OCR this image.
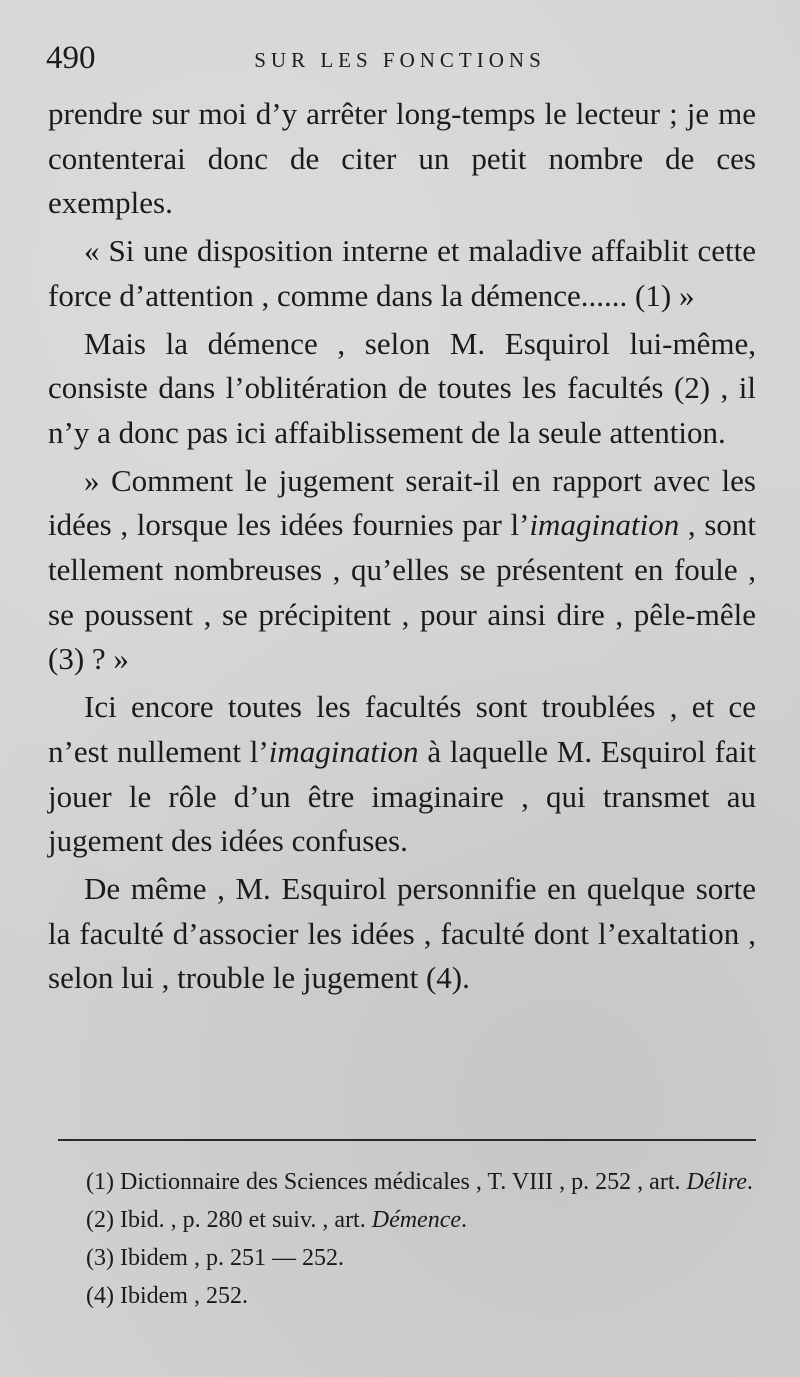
490	SUR LES FONCTIONS

prendre sur moi d’y arrêter long-temps le lecteur ; je me contenterai donc de citer un petit nombre de ces exemples.

« Si une disposition interne et maladive affaiblit cette force d’attention , comme dans la démence...... (1) »

Mais la démence , selon M. Esquirol lui-même, consiste dans l’oblitération de toutes les facultés (2) , il n’y a donc pas ici affaiblissement de la seule attention.

» Comment le jugement serait-il en rapport avec les idées , lorsque les idées fournies par l’imagination , sont tellement nombreuses , qu’elles se présentent en foule , se poussent , se précipitent , pour ainsi dire , pêle-mêle (3) ? »

Ici encore toutes les facultés sont troublées , et ce n’est nullement l’imagination à laquelle M. Esquirol fait jouer le rôle d’un être imaginaire , qui transmet au jugement des idées confuses.

De même , M. Esquirol personnifie en quelque sorte la faculté d’associer les idées , faculté dont l’exaltation , selon lui , trouble le jugement (4).

(1) Dictionnaire des Sciences médicales , T. VIII , p. 252 , art. Délire.

(2) Ibid. , p. 280 et suiv. , art. Démence.

(3) Ibidem , p. 251 — 252.

(4) Ibidem , 252.
